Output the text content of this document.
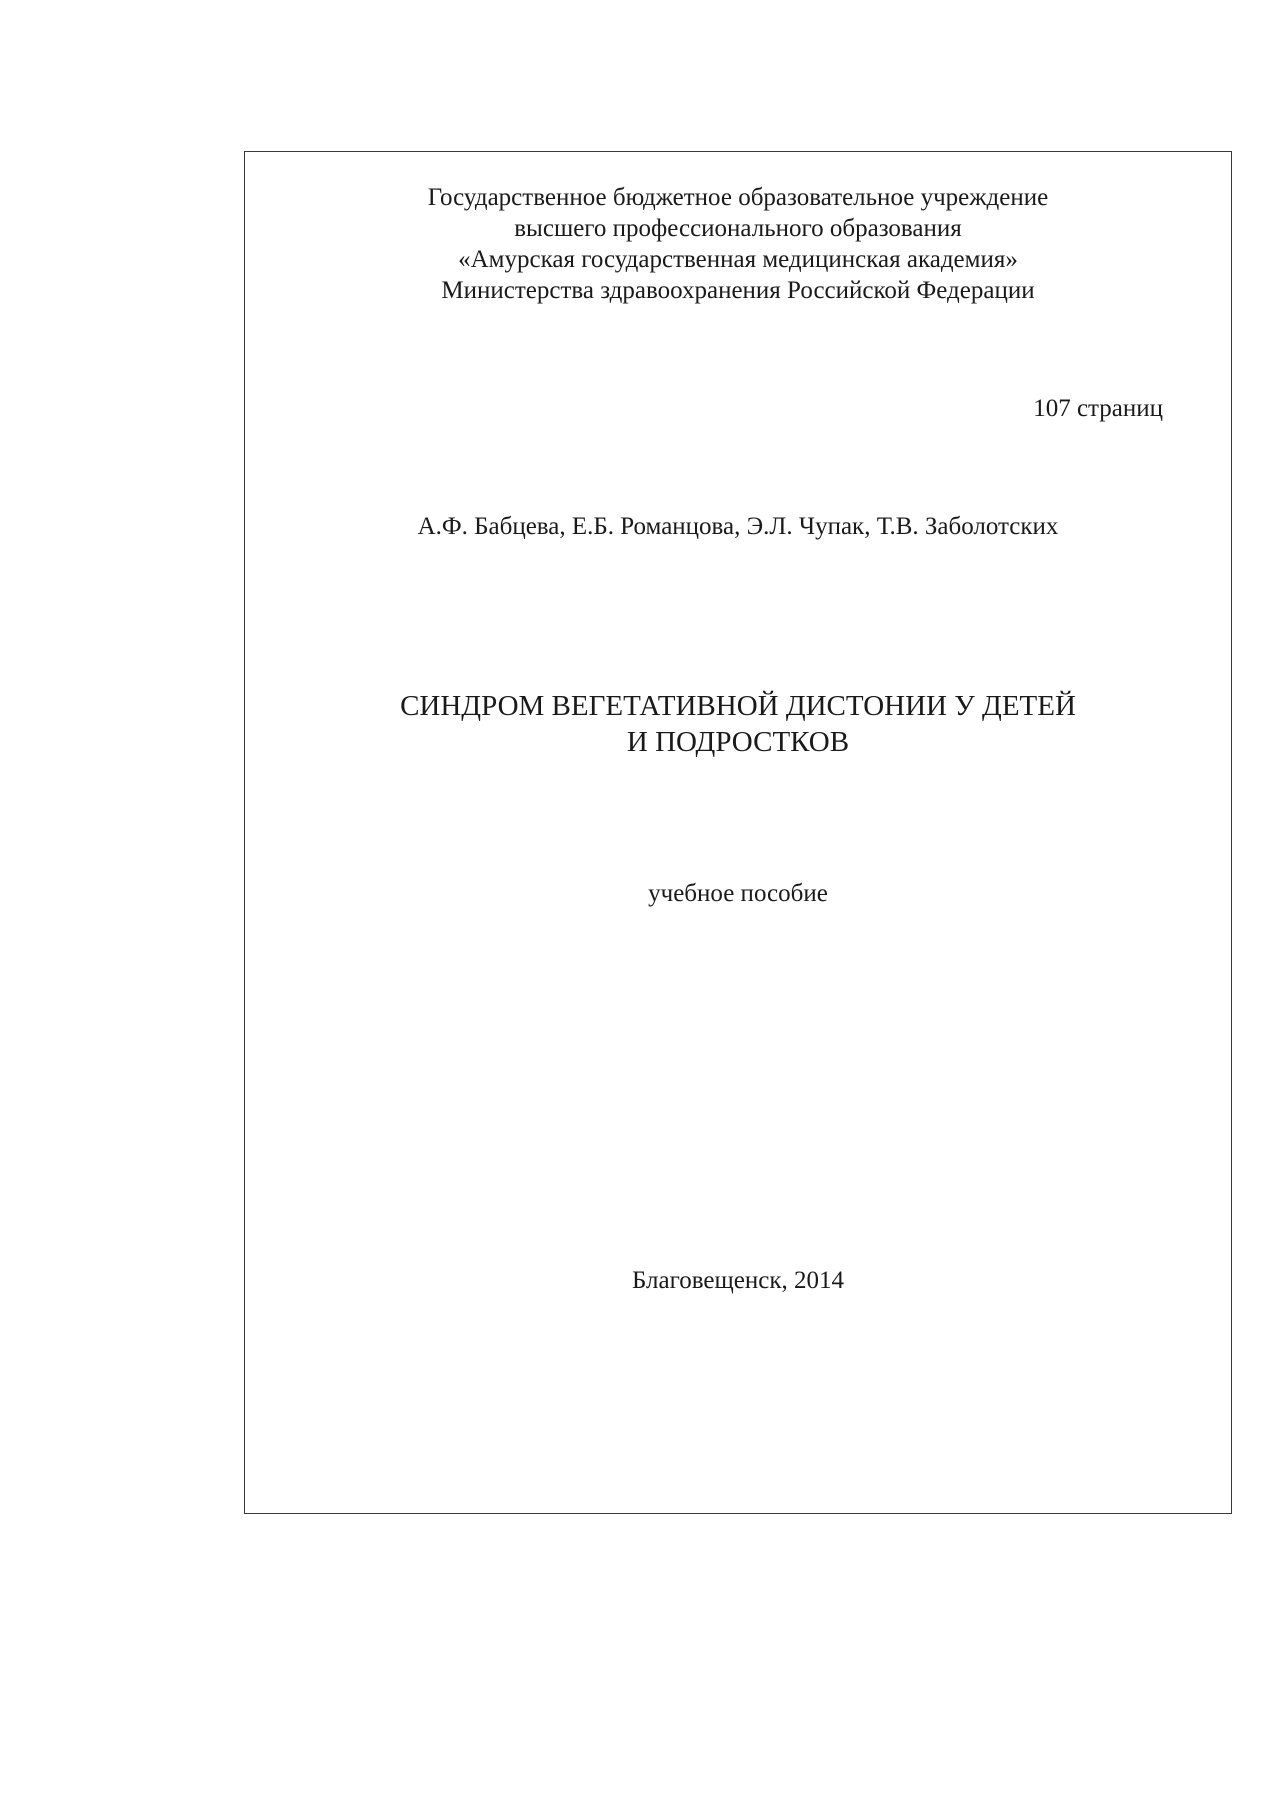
Государственное бюджетное образовательное учреждение
высшего профессионального образования
«Амурская государственная медицинская академия»
Министерства здравоохранения Российской Федерации
107 страниц
А.Ф. Бабцева, Е.Б. Романцова, Э.Л. Чупак, Т.В. Заболотских
СИНДРОМ ВЕГЕТАТИВНОЙ ДИСТОНИИ У ДЕТЕЙ
И ПОДРОСТКОВ
учебное пособие
Благовещенск, 2014
